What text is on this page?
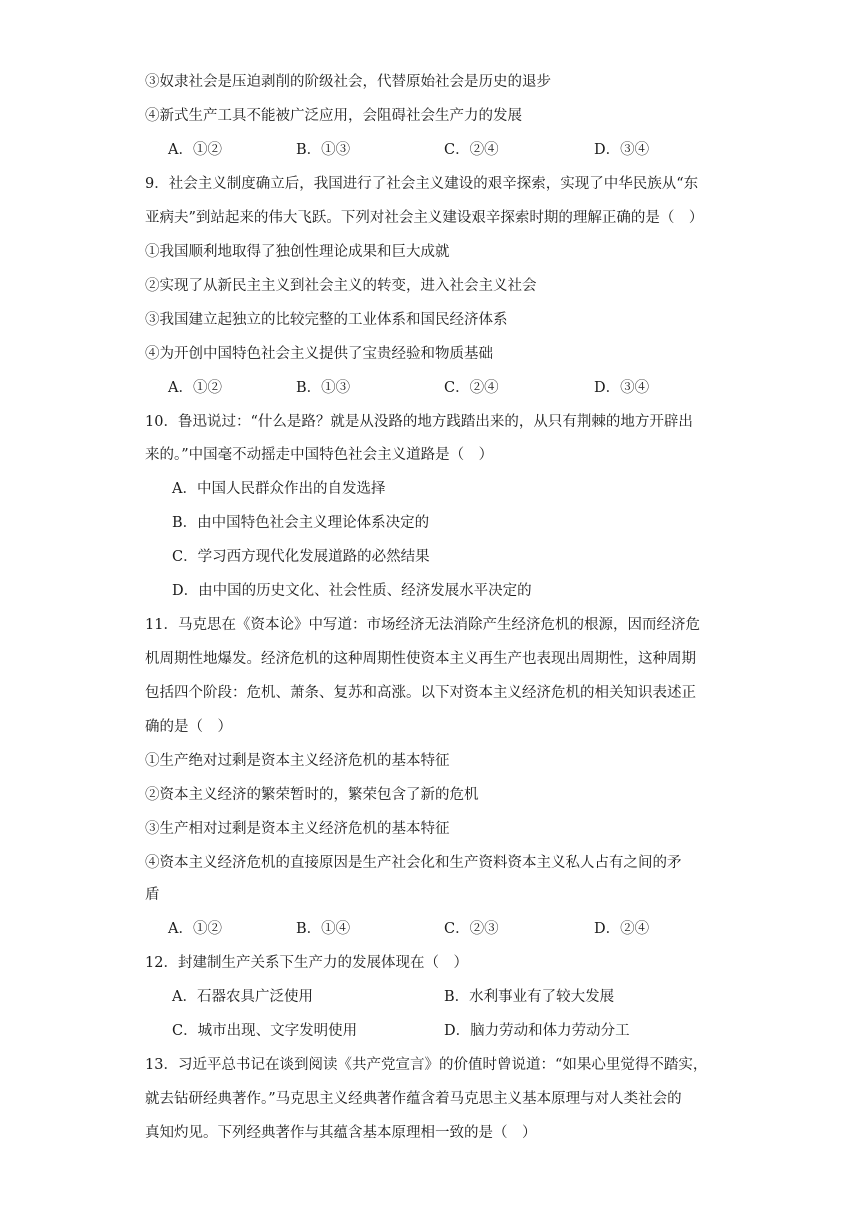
③奴隶社会是压迫剥削的阶级社会，代替原始社会是历史的退步
④新式生产工具不能被广泛应用，会阻碍社会生产力的发展
A．①②	B．①③	C．②④	D．③④
9．社会主义制度确立后，我国进行了社会主义建设的艰辛探索，实现了中华民族从“东
亚病夫”到站起来的伟大飞跃。下列对社会主义建设艰辛探索时期的理解正确的是（　）
①我国顺利地取得了独创性理论成果和巨大成就
②实现了从新民主主义到社会主义的转变，进入社会主义社会
③我国建立起独立的比较完整的工业体系和国民经济体系
④为开创中国特色社会主义提供了宝贵经验和物质基础
A．①②	B．①③	C．②④	D．③④
10．鲁迅说过：“什么是路？就是从没路的地方践踏出来的，从只有荆棘的地方开辟出
来的。”中国毫不动摇走中国特色社会主义道路是（　）
A．中国人民群众作出的自发选择
B．由中国特色社会主义理论体系决定的
C．学习西方现代化发展道路的必然结果
D．由中国的历史文化、社会性质、经济发展水平决定的
11．马克思在《资本论》中写道：市场经济无法消除产生经济危机的根源，因而经济危
机周期性地爆发。经济危机的这种周期性使资本主义再生产也表现出周期性，这种周期
包括四个阶段：危机、萧条、复苏和高涨。以下对资本主义经济危机的相关知识表述正
确的是（　）
①生产绝对过剩是资本主义经济危机的基本特征
②资本主义经济的繁荣暂时的，繁荣包含了新的危机
③生产相对过剩是资本主义经济危机的基本特征
④资本主义经济危机的直接原因是生产社会化和生产资料资本主义私人占有之间的矛
盾
A．①②	B．①④	C．②③	D．②④
12．封建制生产关系下生产力的发展体现在（　）
A．石器农具广泛使用	B．水利事业有了较大发展
C．城市出现、文字发明使用	D．脑力劳动和体力劳动分工
13．习近平总书记在谈到阅读《共产党宣言》的价值时曾说道：“如果心里觉得不踏实，
就去钻研经典著作。”马克思主义经典著作蕴含着马克思主义基本原理与对人类社会的
真知灼见。下列经典著作与其蕴含基本原理相一致的是（　）
